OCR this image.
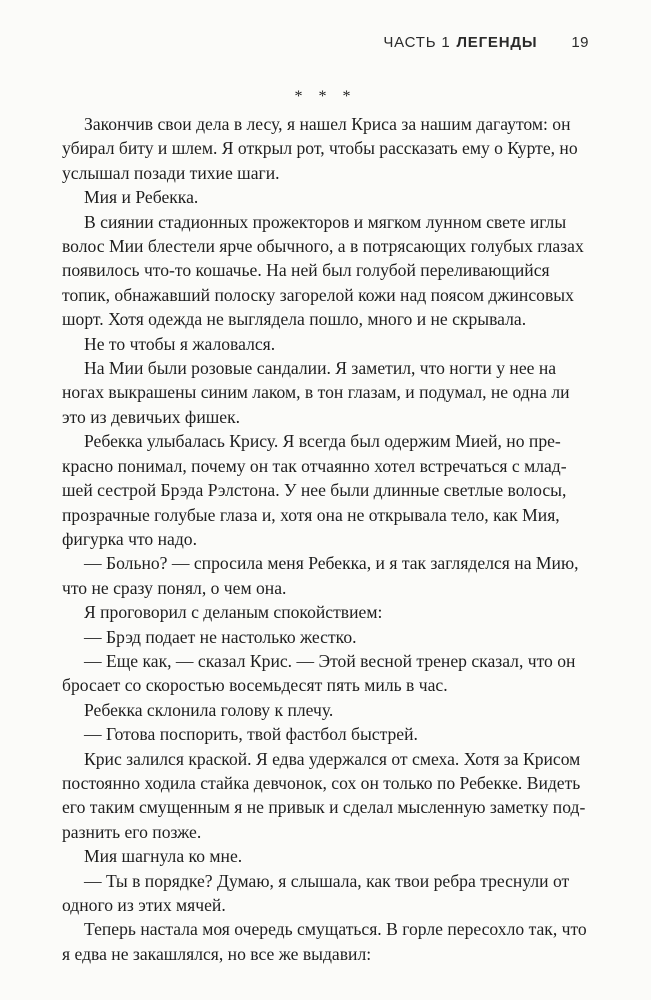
ЧАСТЬ 1 ЛЕГЕНДЫ 19
* * *

Закончив свои дела в лесу, я нашел Криса за нашим дагаутом: он

убирал биту и шлем. Я открыл рот, чтобы рассказать ему о Курте, но

услышал позади тихие шаги.

Мия и Ребекка.

В сиянии стадионных прожекторов и мягком лунном свете иглы

волос Мии блестели ярче обычного, а в потрясающих голубых глазах

появилось что-то кошачье. На ней был голубой переливающийся

топик, обнажавший полоску загорелой кожи над поясом джинсовых

шорт. Хотя одежда не выглядела пошло, много и не скрывала.

Не то чтобы я жаловался.

На Мии были розовые сандалии. Я заметил, что ногти у нее на

ногах выкрашены синим лаком, в тон глазам, и подумал, не одна ли

это из девичьих фишек.

Ребекка улыбалась Крису. Я всегда был одержим Мией, но пре-

красно понимал, почему он так отчаянно хотел встречаться с млад-

шей сестрой Брэда Рэлстона. У нее были длинные светлые волосы,

прозрачные голубые глаза и, хотя она не открывала тело, как Мия,

фигурка что надо.

— Больно? — спросила меня Ребекка, и я так загляделся на Мию,

что не сразу понял, о чем она.

Я проговорил с деланым спокойствием:

— Брэд подает не настолько жестко.

— Еще как, — сказал Крис. — Этой весной тренер сказал, что он

бросает со скоростью восемьдесят пять миль в час.

Ребекка склонила голову к плечу.

— Готова поспорить, твой фастбол быстрей.

Крис залился краской. Я едва удержался от смеха. Хотя за Крисом

постоянно ходила стайка девчонок, сох он только по Ребекке. Видеть

его таким смущенным я не привык и сделал мысленную заметку под-

разнить его позже.

Мия шагнула ко мне.

— Ты в порядке? Думаю, я слышала, как твои ребра треснули от

одного из этих мячей.

Теперь настала моя очередь смущаться. В горле пересохло так, что

я едва не закашлялся, но все же выдавил:
